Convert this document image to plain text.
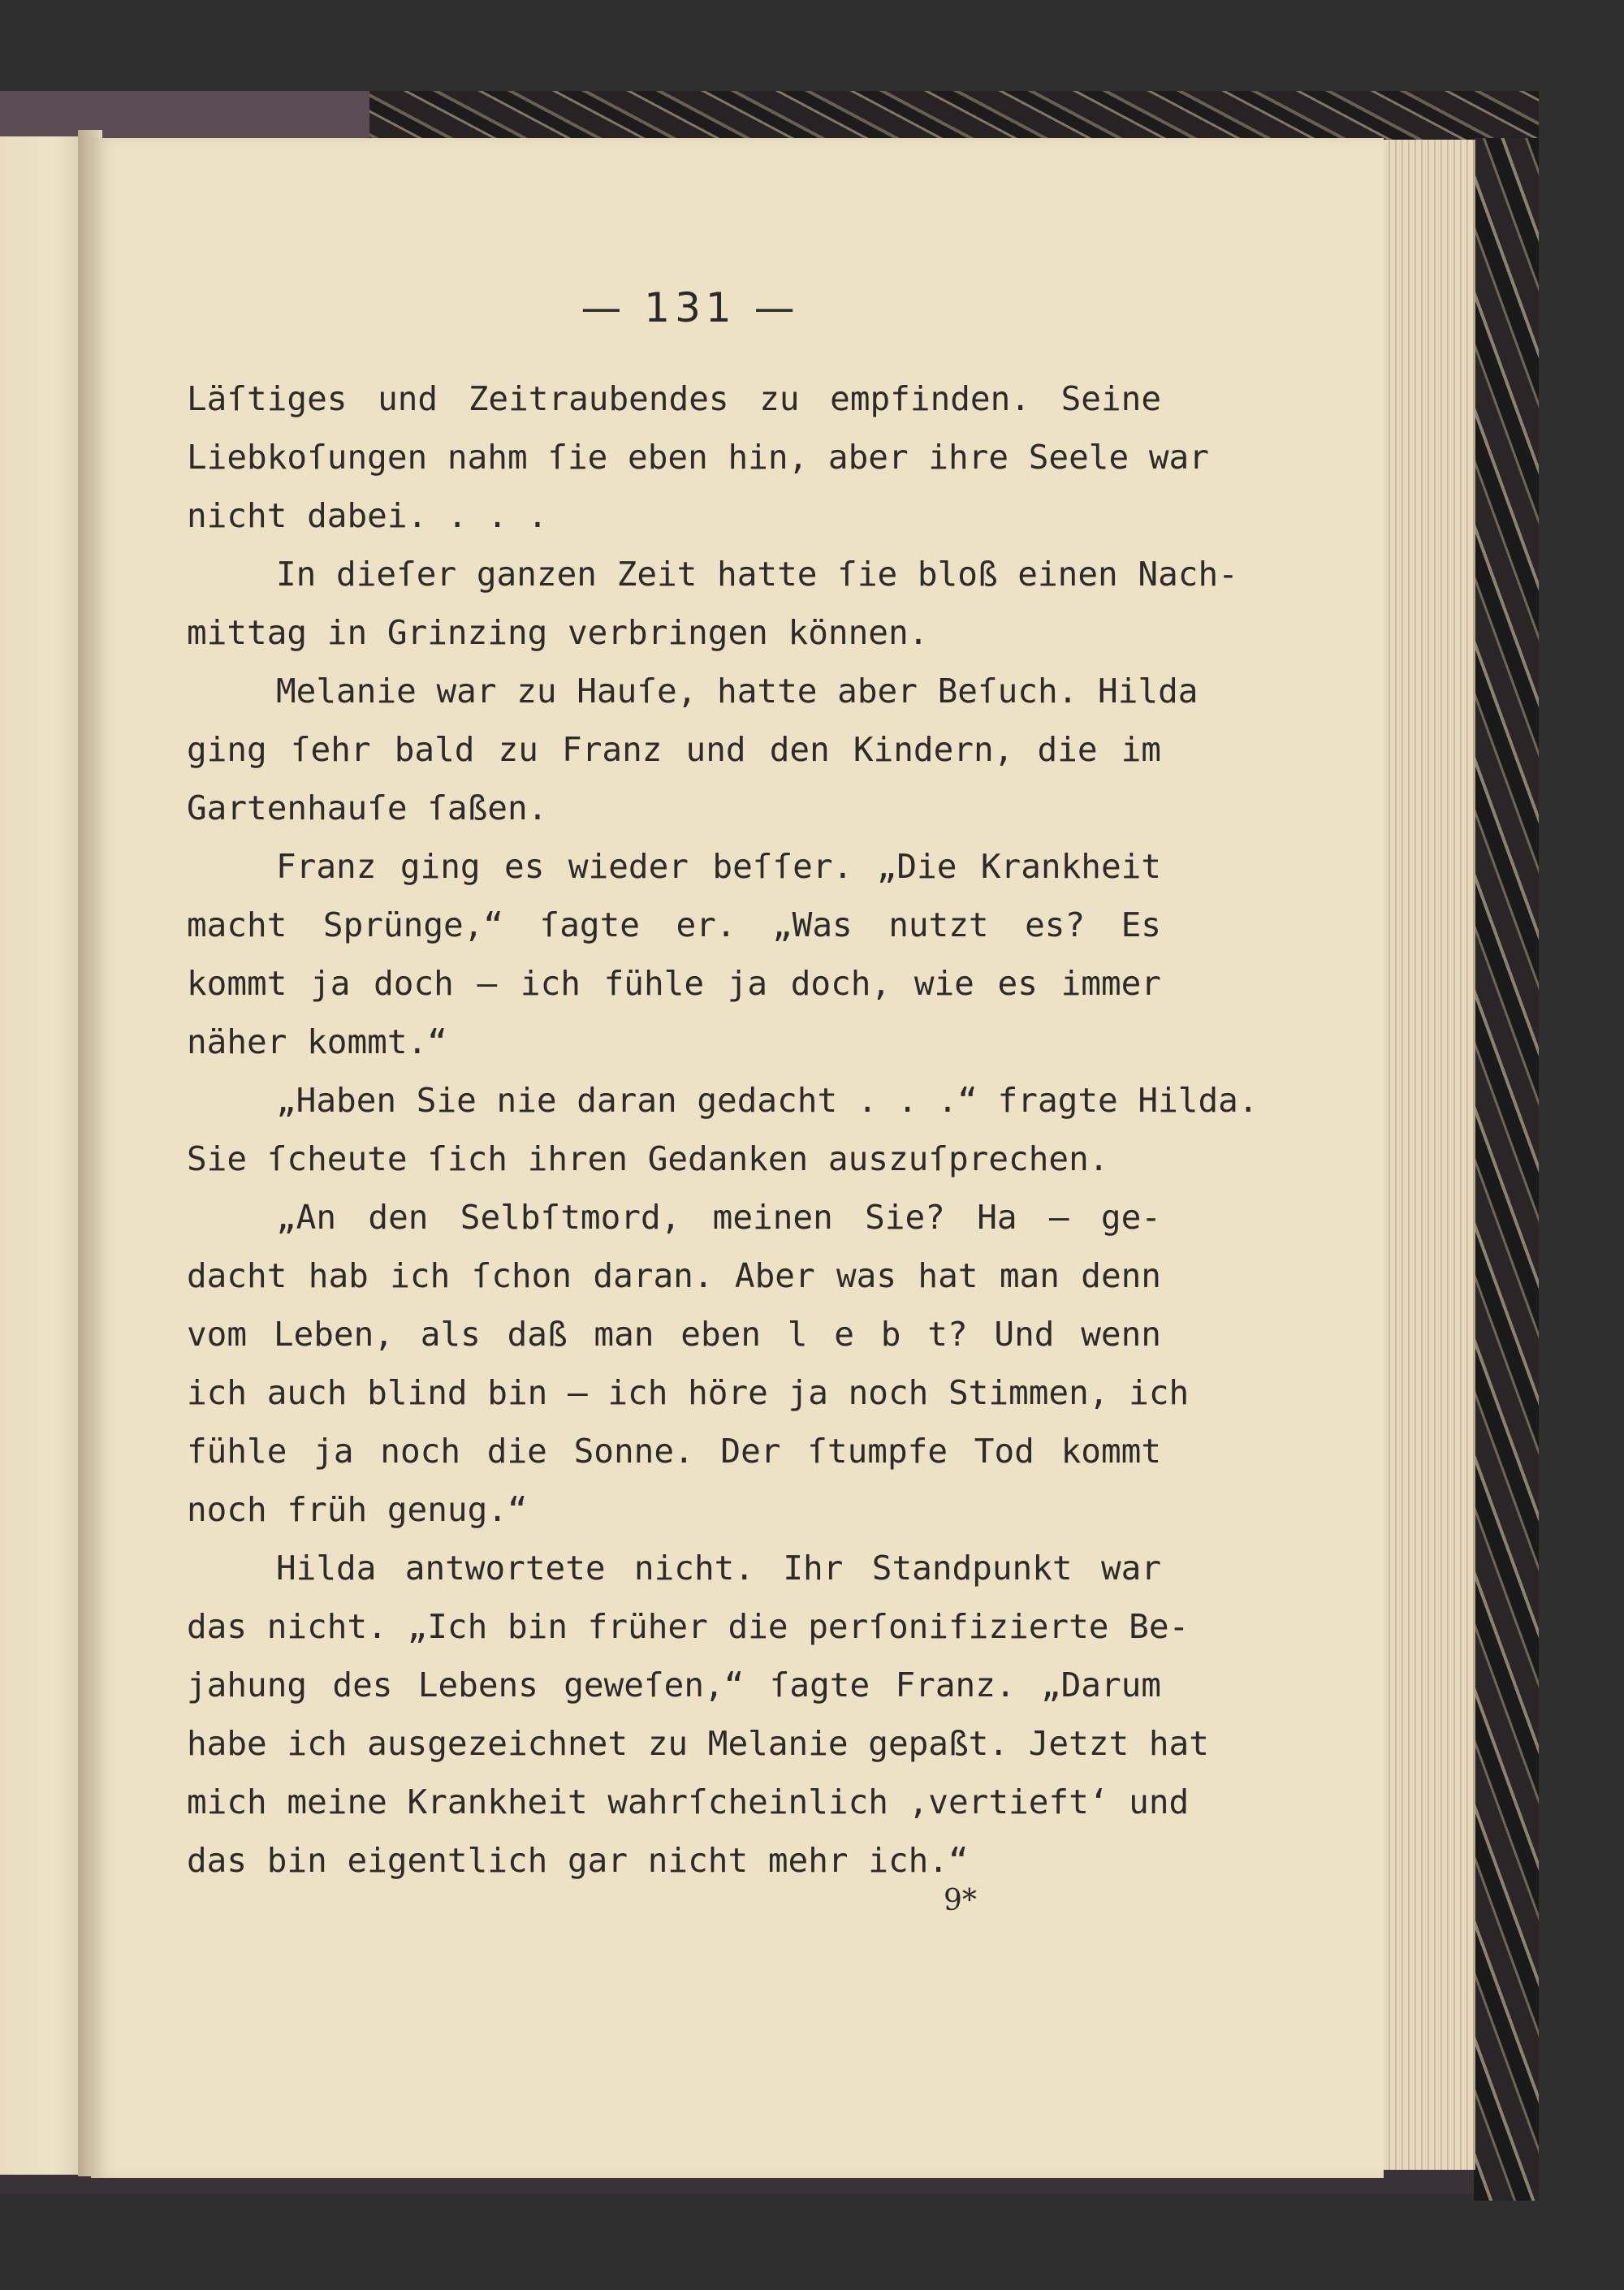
— 131 —
Läſtiges und Zeitraubendes zu empfinden. Seine
Liebkoſungen nahm ſie eben hin, aber ihre Seele war
nicht dabei. . . .
In dieſer ganzen Zeit hatte ſie bloß einen Nach-
mittag in Grinzing verbringen können.
Melanie war zu Hauſe, hatte aber Beſuch. Hilda
ging ſehr bald zu Franz und den Kindern, die im
Gartenhauſe ſaßen.
Franz ging es wieder beſſer. „Die Krankheit
macht Sprünge,“ ſagte er. „Was nutzt es? Es
kommt ja doch — ich fühle ja doch, wie es immer
näher kommt.“
„Haben Sie nie daran gedacht . . .“ fragte Hilda.
Sie ſcheute ſich ihren Gedanken auszuſprechen.
„An den Selbſtmord, meinen Sie? Ha — ge-
dacht hab ich ſchon daran. Aber was hat man denn
vom Leben, als daß man eben l e b t? Und wenn
ich auch blind bin — ich höre ja noch Stimmen, ich
fühle ja noch die Sonne. Der ſtumpfe Tod kommt
noch früh genug.“
Hilda antwortete nicht. Ihr Standpunkt war
das nicht. „Ich bin früher die perſonifizierte Be-
jahung des Lebens geweſen,“ ſagte Franz. „Darum
habe ich ausgezeichnet zu Melanie gepaßt. Jetzt hat
mich meine Krankheit wahrſcheinlich ‚vertieft‘ und
das bin eigentlich gar nicht mehr ich.“
9*
